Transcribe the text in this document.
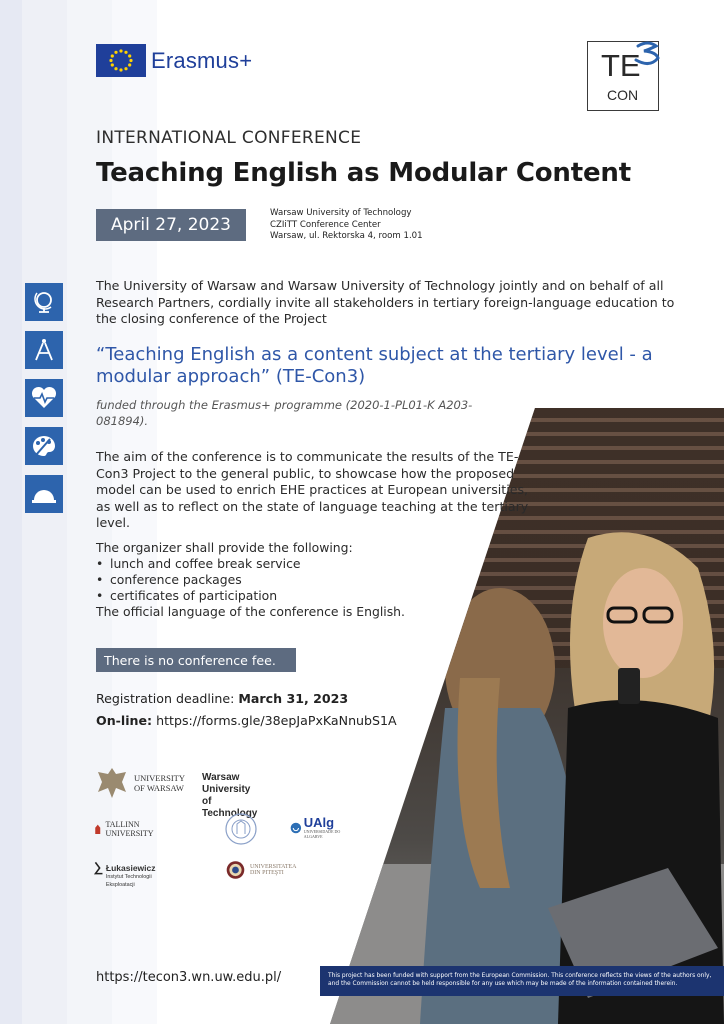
Erasmus+	TE
CON
INTERNATIONAL CONFERENCE
Teaching English as Modular Content
April 27, 2023
Warsaw University of Technology
CZIiTT Conference Center
Warsaw, ul. Rektorska 4, room 1.01
The University of Warsaw and Warsaw University of Technology jointly and on behalf of all Research Partners, cordially invite all stakeholders in tertiary foreign-language education to the closing conference of the Project
“Teaching English as a content subject at the tertiary level - a modular approach” (TE-Con3)
funded through the Erasmus+ programme (2020-1-PL01-K A203-081894).
The aim of the conference is to communicate the results of the TE-Con3 Project to the general public, to showcase how the proposed model can be used to enrich EHE practices at European universities, as well as to reflect on the state of language teaching at the tertiary level.
The organizer shall provide the following:
• lunch and coffee break service
• conference packages
• certificates of participation
The official language of the conference is English.
There is no conference fee.
Registration deadline: March 31, 2023
On-line: https://forms.gle/38epJaPxKaNnubS1A
UNIVERSITY
OF WARSAW
Warsaw University
of Technology
TALLINN UNIVERSITY
UAlg
UNIVERSIDADE DO ALGARVE
Łukasiewicz
Instytut Technologii Eksploatacji
UNIVERSITATEA DIN PITEŞTI
https://tecon3.wn.uw.edu.pl/	This project has been funded with support from the European Commission. This conference reflects the views of the authors only, and the Commission cannot be held responsible for any use which may be made of the information contained therein.
